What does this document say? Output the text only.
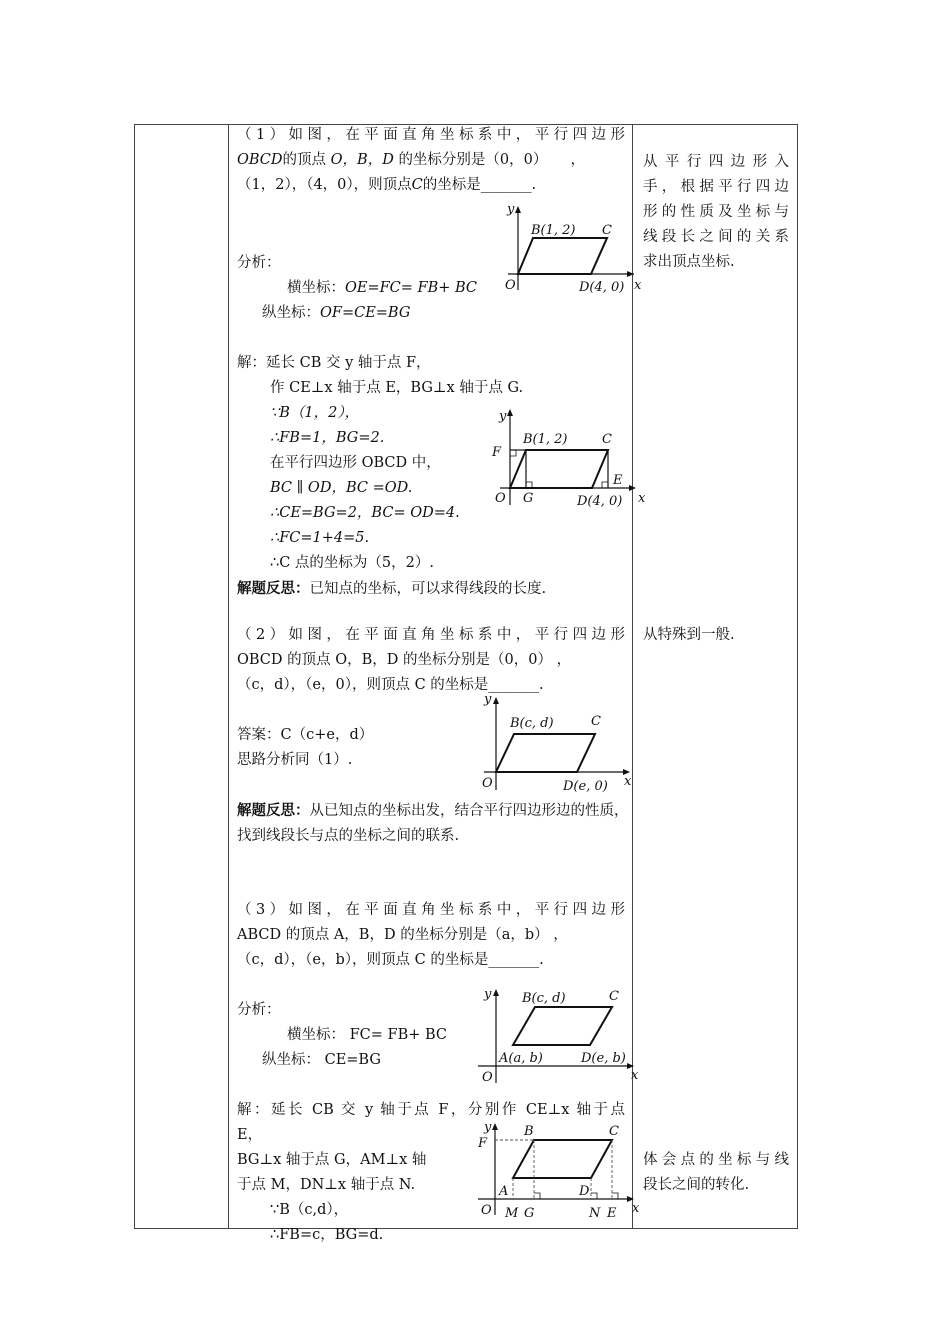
（1）如图，在平面直角坐标系中，平行四边形
OBCD的顶点 O，B，D 的坐标分别是（0，0） ，
（1，2），（4，0），则顶点C的坐标是_______.
分析：
横坐标：OE=FC= FB+ BC
纵坐标：OF=CE=BG
解：延长 CB 交 y 轴于点 F，
作 CE⊥x 轴于点 E，BG⊥x 轴于点 G.
∵B（1，2），
∴FB=1，BG=2.
在平行四边形 OBCD 中，
BC ∥ OD，BC =OD.
∴CE=BG=2，BC= OD=4.
∴FC=1+4=5.
∴C 点的坐标为（5，2）.
解题反思：已知点的坐标，可以求得线段的长度.
y
B(1, 2) C
O	D(4, 0) x
y
B(1, 2)	C
F
E
O G	D(4, 0) x
从平行四边形入
手，根据平行四边
形的性质及坐标与
线段长之间的关系
求出顶点坐标.
（2）如图，在平面直角坐标系中，平行四边形
OBCD 的顶点 O，B，D 的坐标分别是（0，0） ，
（c，d），（e，0），则顶点 C 的坐标是_______.
答案：C（c+e，d）
思路分析同（1）.
解题反思：从已知点的坐标出发，结合平行四边形边的性质，找到线段长与点的坐标之间的联系.
从特殊到一般.
y
B(c, d)	C
O	D(e, 0) x
（3）如图，在平面直角坐标系中，平行四边形
ABCD 的顶点 A，B，D 的坐标分别是（a，b） ，
（c，d），（e，b），则顶点 C 的坐标是_______.
分析：
横坐标： FC= FB+ BC
纵坐标： CE=BG
解：延长 CB 交 y 轴于点 F，分别作 CE⊥x 轴于点
E，
BG⊥x 轴于点 G，AM⊥x 轴
于点 M，DN⊥x 轴于点 N.
∵B（c,d），
∴FB=c，BG=d.
体会点的坐标与线
段长之间的转化.
y B(c, d)	C
A(a, b)	D(e, b)
O	x
y	B	C
F
A	D
O M G	N E x
